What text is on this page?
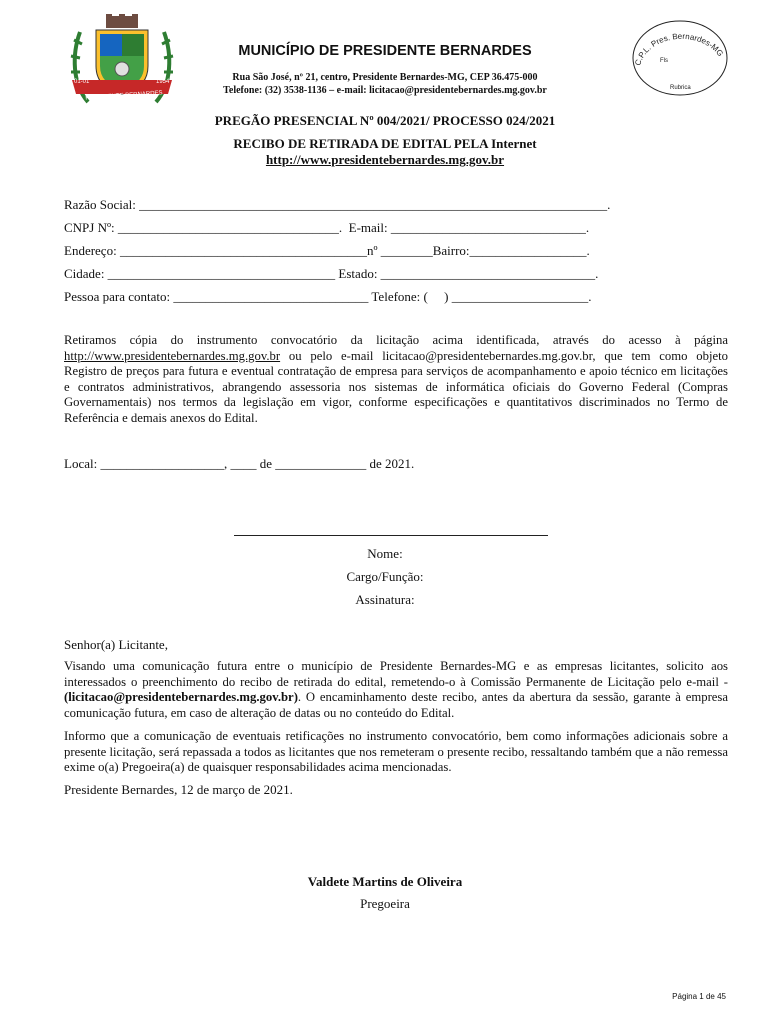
PRESIDENTE BERNARDES
01-01	1954
MUNICÍPIO DE PRESIDENTE BERNARDES
Rua São José, nº 21, centro, Presidente Bernardes-MG, CEP 36.475-000
Telefone: (32) 3538-1136 – e-mail: licitacao@presidentebernardes.mg.gov.br
C.P.L. Pres. Bernardes-MG
Fls
Rubrica
PREGÃO PRESENCIAL Nº 004/2021/ PROCESSO 024/2021
RECIBO DE RETIRADA DE EDITAL PELA Internet
http://www.presidentebernardes.mg.gov.br
Razão Social: ________________________________________________________________________.
CNPJ Nº: __________________________________.  E-mail: ______________________________.
Endereço: ______________________________________nº ________Bairro:__________________.
Cidade: ___________________________________ Estado: _________________________________.
Pessoa para contato: ______________________________ Telefone: (     ) _____________________.
Retiramos cópia do instrumento convocatório da licitação acima identificada, através do acesso à página http://www.presidentebernardes.mg.gov.br ou pelo e-mail licitacao@presidentebernardes.mg.gov.br, que tem como objeto Registro de preços para futura e eventual contratação de empresa para serviços de acompanhamento e apoio técnico em licitações e contratos administrativos, abrangendo assessoria nos sistemas de informática oficiais do Governo Federal (Compras Governamentais) nos termos da legislação em vigor, conforme especificações e quantitativos discriminados no Termo de Referência e demais anexos do Edital.
Local: ___________________, ____ de ______________ de 2021.
Nome:
Cargo/Função:
Assinatura:
Senhor(a) Licitante,
Visando uma comunicação futura entre o município de Presidente Bernardes-MG e as empresas licitantes, solicito aos interessados o preenchimento do recibo de retirada do edital, remetendo-o à Comissão Permanente de Licitação pelo e-mail - (licitacao@presidentebernardes.mg.gov.br). O encaminhamento deste recibo, antes da abertura da sessão, garante à empresa comunicação futura, em caso de alteração de datas ou no conteúdo do Edital.
Informo que a comunicação de eventuais retificações no instrumento convocatório, bem como informações adicionais sobre a presente licitação, será repassada a todos as licitantes que nos remeteram o presente recibo, ressaltando também que a não remessa exime o(a) Pregoeira(a) de quaisquer responsabilidades acima mencionadas.
Presidente Bernardes, 12 de março de 2021.
Valdete Martins de Oliveira
Pregoeira
Página 1 de 45
